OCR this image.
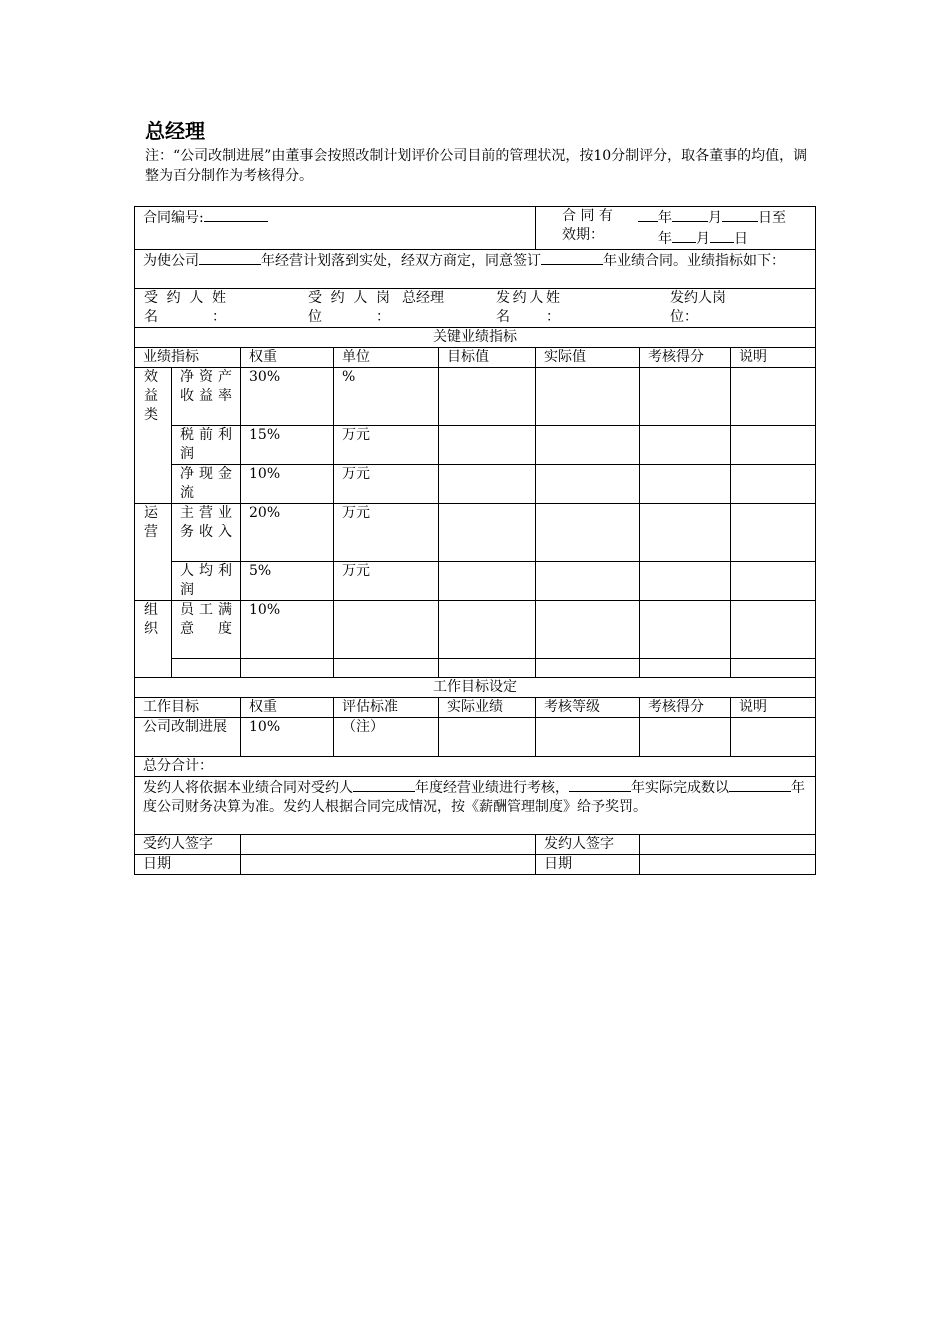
总经理

注：“公司改制进展”由董事会按照改制计划评价公司目前的管理状况，按10分制评分，取各董事的均值，调整为百分制作为考核得分。

合同编号:					合 同 有
效期：
年 月 日至
年 月 日		

为使公司 年经营计划落到实处，经双方商定，同意签订 年业绩合同。业绩指标如下：							

受约人姓名：
受约人岗位：
总经理 发约人姓名：
发约人岗位：							

关键业绩指标							
业绩指标		权重	单位	目标值	实际值	考核得分	说明
效益类	净资产收益率	30%	%				
	税前利润	15%	万元				
	净现金流	10%	万元				
运营	主营业务收入	20%	万元				
	人均利润	5%	万元				
组织	员工满意度	10%					

工作目标设定							
工作目标		权重	评估标准	实际业绩	考核等级	考核得分	说明
公司改制进展		10%	（注）				
总分合计：							
发约人将依据本业绩合同对受约人 年度经营业绩进行考核， 年实际完成数以 年度公司财务决算为准。发约人根据合同完成情况，按《薪酬管理制度》给予奖罚。							
受约人签字					发约人签字		
日期					日期		
